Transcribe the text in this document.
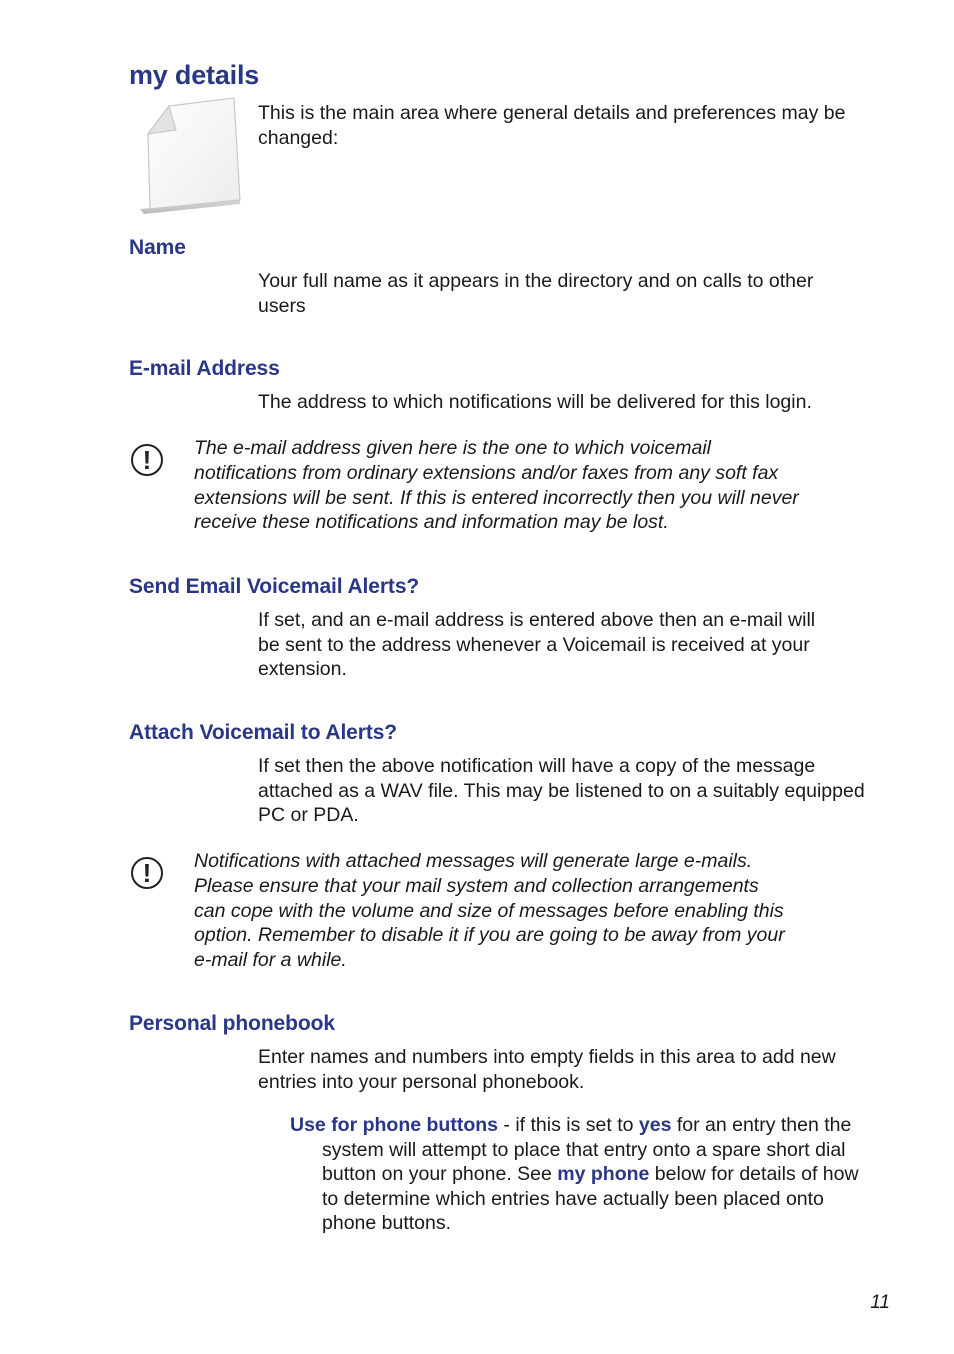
my details

This is the main area where general details and preferences may be changed:

Name

Your full name as it appears in the directory and on calls to other

users

E-mail Address

The address to which notifications will be delivered for this login.

!	The e-mail address given here is the one to which voicemail

notifications from ordinary extensions and/or faxes from any soft fax

extensions will be sent. If this is entered incorrectly then you will never

receive these notifications and information may be lost.

Send Email Voicemail Alerts?

If set, and an e-mail address is entered above then an e-mail will

be sent to the address whenever a Voicemail is received at your

extension.

Attach Voicemail to Alerts?

If set then the above notification will have a copy of the message

attached as a WAV file. This may be listened to on a suitably equipped

PC or PDA.

!	Notifications with attached messages will generate large e-mails.

Please ensure that your mail system and collection arrangements

can cope with the volume and size of messages before enabling this

option. Remember to disable it if you are going to be away from your

e-mail for a while.

Personal phonebook

Enter names and numbers into empty fields in this area to add new

entries into your personal phonebook.

Use for phone buttons - if this is set to yes for an entry then the

system will attempt to place that entry onto a spare short dial

button on your phone. See my phone below for details of how

to determine which entries have actually been placed onto

phone buttons.

11
